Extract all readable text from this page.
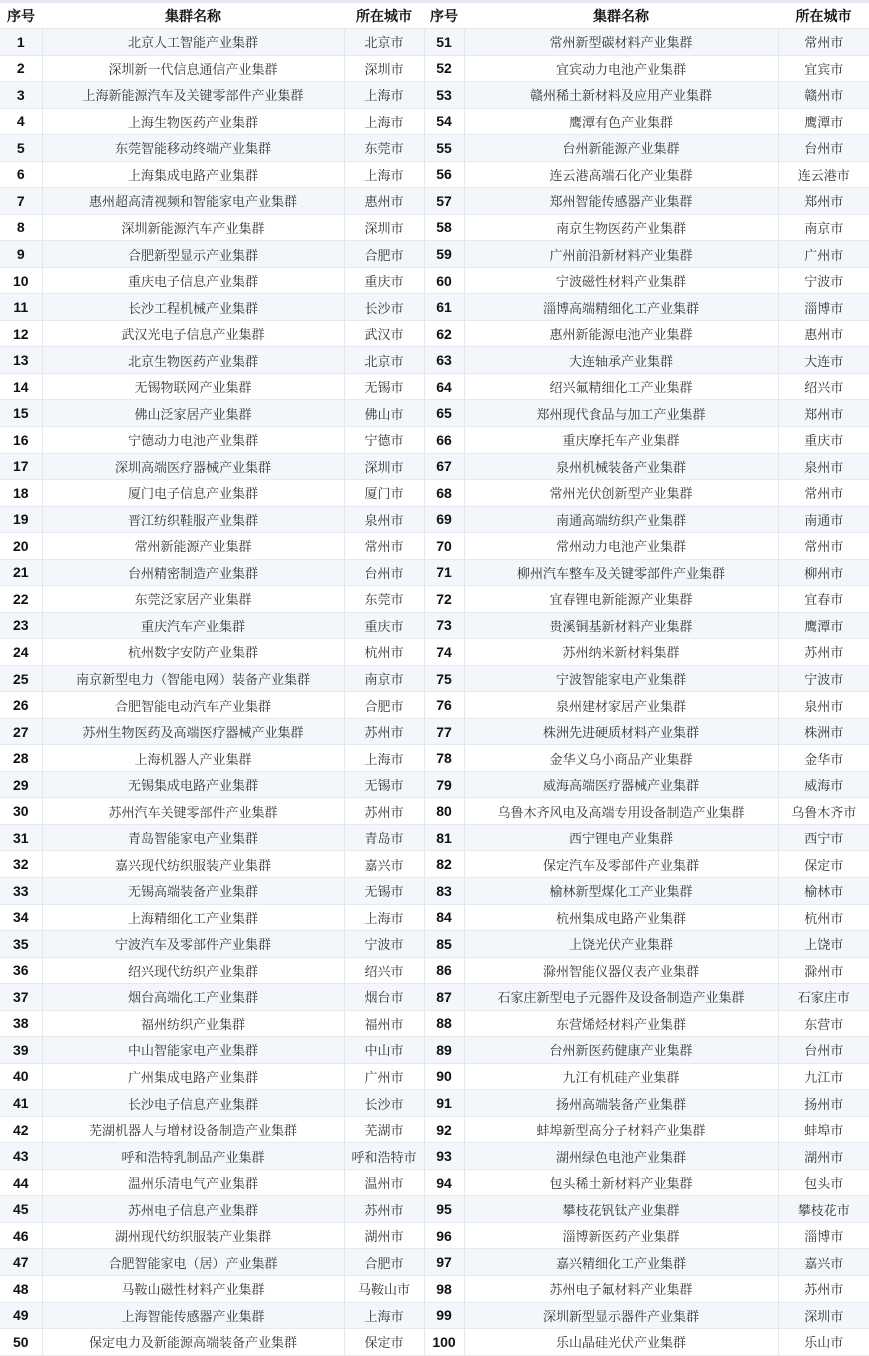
序号	集群名称	所在城市	序号	集群名称	所在城市
1	北京人工智能产业集群	北京市	51	常州新型碳材料产业集群	常州市
2	深圳新一代信息通信产业集群	深圳市	52	宜宾动力电池产业集群	宜宾市
3	上海新能源汽车及关键零部件产业集群	上海市	53	赣州稀土新材料及应用产业集群	赣州市
4	上海生物医药产业集群	上海市	54	鹰潭有色产业集群	鹰潭市
5	东莞智能移动终端产业集群	东莞市	55	台州新能源产业集群	台州市
6	上海集成电路产业集群	上海市	56	连云港高端石化产业集群	连云港市
7	惠州超高清视频和智能家电产业集群	惠州市	57	郑州智能传感器产业集群	郑州市
8	深圳新能源汽车产业集群	深圳市	58	南京生物医药产业集群	南京市
9	合肥新型显示产业集群	合肥市	59	广州前沿新材料产业集群	广州市
10	重庆电子信息产业集群	重庆市	60	宁波磁性材料产业集群	宁波市
11	长沙工程机械产业集群	长沙市	61	淄博高端精细化工产业集群	淄博市
12	武汉光电子信息产业集群	武汉市	62	惠州新能源电池产业集群	惠州市
13	北京生物医药产业集群	北京市	63	大连轴承产业集群	大连市
14	无锡物联网产业集群	无锡市	64	绍兴氟精细化工产业集群	绍兴市
15	佛山泛家居产业集群	佛山市	65	郑州现代食品与加工产业集群	郑州市
16	宁德动力电池产业集群	宁德市	66	重庆摩托车产业集群	重庆市
17	深圳高端医疗器械产业集群	深圳市	67	泉州机械装备产业集群	泉州市
18	厦门电子信息产业集群	厦门市	68	常州光伏创新型产业集群	常州市
19	晋江纺织鞋服产业集群	泉州市	69	南通高端纺织产业集群	南通市
20	常州新能源产业集群	常州市	70	常州动力电池产业集群	常州市
21	台州精密制造产业集群	台州市	71	柳州汽车整车及关键零部件产业集群	柳州市
22	东莞泛家居产业集群	东莞市	72	宜春锂电新能源产业集群	宜春市
23	重庆汽车产业集群	重庆市	73	贵溪铜基新材料产业集群	鹰潭市
24	杭州数字安防产业集群	杭州市	74	苏州纳米新材料集群	苏州市
25	南京新型电力（智能电网）装备产业集群	南京市	75	宁波智能家电产业集群	宁波市
26	合肥智能电动汽车产业集群	合肥市	76	泉州建材家居产业集群	泉州市
27	苏州生物医药及高端医疗器械产业集群	苏州市	77	株洲先进硬质材料产业集群	株洲市
28	上海机器人产业集群	上海市	78	金华义乌小商品产业集群	金华市
29	无锡集成电路产业集群	无锡市	79	威海高端医疗器械产业集群	威海市
30	苏州汽车关键零部件产业集群	苏州市	80	乌鲁木齐风电及高端专用设备制造产业集群	乌鲁木齐市
31	青岛智能家电产业集群	青岛市	81	西宁锂电产业集群	西宁市
32	嘉兴现代纺织服装产业集群	嘉兴市	82	保定汽车及零部件产业集群	保定市
33	无锡高端装备产业集群	无锡市	83	榆林新型煤化工产业集群	榆林市
34	上海精细化工产业集群	上海市	84	杭州集成电路产业集群	杭州市
35	宁波汽车及零部件产业集群	宁波市	85	上饶光伏产业集群	上饶市
36	绍兴现代纺织产业集群	绍兴市	86	滁州智能仪器仪表产业集群	滁州市
37	烟台高端化工产业集群	烟台市	87	石家庄新型电子元器件及设备制造产业集群	石家庄市
38	福州纺织产业集群	福州市	88	东营烯烃材料产业集群	东营市
39	中山智能家电产业集群	中山市	89	台州新医药健康产业集群	台州市
40	广州集成电路产业集群	广州市	90	九江有机硅产业集群	九江市
41	长沙电子信息产业集群	长沙市	91	扬州高端装备产业集群	扬州市
42	芜湖机器人与增材设备制造产业集群	芜湖市	92	蚌埠新型高分子材料产业集群	蚌埠市
43	呼和浩特乳制品产业集群	呼和浩特市	93	湖州绿色电池产业集群	湖州市
44	温州乐清电气产业集群	温州市	94	包头稀土新材料产业集群	包头市
45	苏州电子信息产业集群	苏州市	95	攀枝花钒钛产业集群	攀枝花市
46	湖州现代纺织服装产业集群	湖州市	96	淄博新医药产业集群	淄博市
47	合肥智能家电（居）产业集群	合肥市	97	嘉兴精细化工产业集群	嘉兴市
48	马鞍山磁性材料产业集群	马鞍山市	98	苏州电子氟材料产业集群	苏州市
49	上海智能传感器产业集群	上海市	99	深圳新型显示器件产业集群	深圳市
50	保定电力及新能源高端装备产业集群	保定市	100	乐山晶硅光伏产业集群	乐山市
